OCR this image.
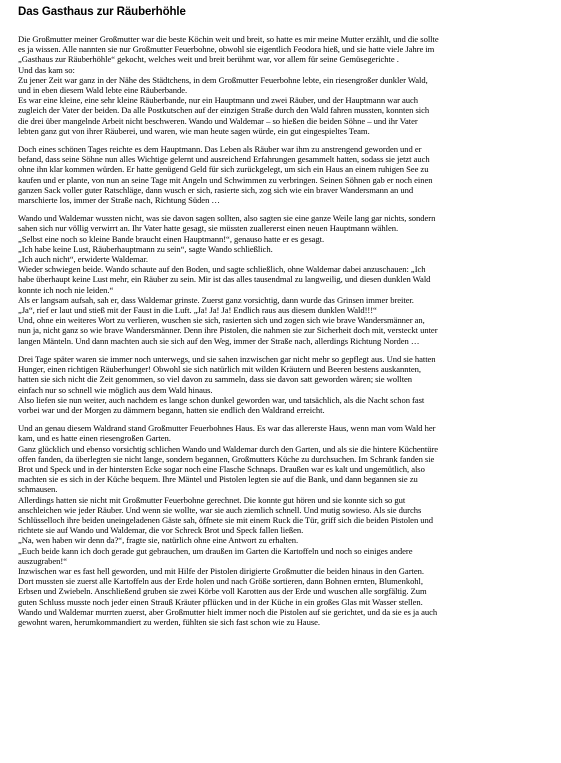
Das Gasthaus zur Räuberhöhle
Die Großmutter meiner Großmutter war die beste Köchin weit und breit, so hatte es mir meine Mutter erzählt, und die sollte
es ja wissen. Alle nannten sie nur Großmutter Feuerbohne, obwohl sie eigentlich Feodora hieß, und sie hatte viele Jahre im
„Gasthaus zur Räuberhöhle“ gekocht, welches weit und breit berühmt war, vor allem für seine Gemüsegerichte .
Und das kam so:
Zu jener Zeit war ganz in der Nähe des Städtchens, in dem Großmutter Feuerbohne lebte, ein riesengroßer dunkler Wald,
und in eben diesem Wald lebte eine Räuberbande.
Es war eine kleine, eine sehr kleine Räuberbande, nur ein Hauptmann und zwei Räuber, und der Hauptmann war auch
zugleich der Vater der beiden. Da alle Postkutschen auf der einzigen Straße durch den Wald fahren mussten, konnten sich
die drei über mangelnde Arbeit nicht beschweren. Wando und Waldemar – so hießen die beiden Söhne – und ihr Vater
lebten ganz gut von ihrer Räuberei, und waren, wie man heute sagen würde, ein gut eingespieltes Team.
Doch eines schönen Tages reichte es dem Hauptmann. Das Leben als Räuber war ihm zu anstrengend geworden und er
befand, dass seine Söhne nun alles Wichtige gelernt und ausreichend Erfahrungen gesammelt hatten, sodass sie jetzt auch
ohne ihn klar kommen würden. Er hatte genügend Geld für sich zurückgelegt, um sich ein Haus an einem ruhigen See zu
kaufen und er plante, von nun an seine Tage mit Angeln und Schwimmen zu verbringen. Seinen Söhnen gab er noch einen
ganzen Sack voller guter Ratschläge, dann wusch er sich, rasierte sich, zog sich wie ein braver Wandersmann an und
marschierte los, immer der Straße nach, Richtung Süden …
Wando und Waldemar wussten nicht, was sie davon sagen sollten, also sagten sie eine ganze Weile lang gar nichts, sondern
sahen sich nur völlig verwirrt an. Ihr Vater hatte gesagt, sie müssten zuallererst einen neuen Hauptmann wählen.
„Selbst eine noch so kleine Bande braucht einen Hauptmann!“, genauso hatte er es gesagt.
„Ich habe keine Lust, Räuberhauptmann zu sein“, sagte Wando schließlich.
„Ich auch nicht“, erwiderte Waldemar.
Wieder schwiegen beide. Wando schaute auf den Boden, und sagte schließlich, ohne Waldemar dabei anzuschauen: „Ich
habe überhaupt keine Lust mehr, ein Räuber zu sein. Mir ist das alles tausendmal zu langweilig, und diesen dunklen Wald
konnte ich noch nie leiden.“
Als er langsam aufsah, sah er, dass Waldemar grinste. Zuerst ganz vorsichtig, dann wurde das Grinsen immer breiter.
„Ja“, rief er laut und stieß mit der Faust in die Luft. „Ja! Ja! Ja! Endlich raus aus diesem dunklen Wald!!!“
Und, ohne ein weiteres Wort zu verlieren, wuschen sie sich, rasierten sich und zogen sich wie brave Wandersmänner an,
nun ja, nicht ganz so wie brave Wandersmänner. Denn ihre Pistolen, die nahmen sie zur Sicherheit doch mit, versteckt unter
langen Mänteln. Und dann machten auch sie sich auf den Weg, immer der Straße nach, allerdings Richtung Norden …
Drei Tage später waren sie immer noch unterwegs, und sie sahen inzwischen gar nicht mehr so gepflegt aus. Und sie hatten
Hunger, einen richtigen Räuberhunger! Obwohl sie sich natürlich mit wilden Kräutern und Beeren bestens auskannten,
hatten sie sich nicht die Zeit genommen, so viel davon zu sammeln, dass sie davon satt geworden wären; sie wollten
einfach nur so schnell wie möglich aus dem Wald hinaus.
Also liefen sie nun weiter, auch nachdem es lange schon dunkel geworden war, und tatsächlich, als die Nacht schon fast
vorbei war und der Morgen zu dämmern begann, hatten sie endlich den Waldrand erreicht.
Und an genau diesem Waldrand stand Großmutter Feuerbohnes Haus. Es war das allererste Haus, wenn man vom Wald her
kam, und es hatte einen riesengroßen Garten.
Ganz glücklich und ebenso vorsichtig schlichen Wando und Waldemar durch den Garten, und als sie die hintere Küchentüre
offen fanden, da überlegten sie nicht lange, sondern begannen, Großmutters Küche zu durchsuchen. Im Schrank fanden sie
Brot und Speck und in der hintersten Ecke sogar noch eine Flasche Schnaps. Draußen war es kalt und ungemütlich, also
machten sie es sich in der Küche bequem. Ihre Mäntel und Pistolen legten sie auf die Bank, und dann begannen sie zu
schmausen.
Allerdings hatten sie nicht mit Großmutter Feuerbohne gerechnet. Die konnte gut hören und sie konnte sich so gut
anschleichen wie jeder Räuber. Und wenn sie wollte, war sie auch ziemlich schnell. Und mutig sowieso. Als sie durchs
Schlüsselloch ihre beiden uneingeladenen Gäste sah, öffnete sie mit einem Ruck die Tür, griff sich die beiden Pistolen und
richtete sie auf Wando und Waldemar, die vor Schreck Brot und Speck fallen ließen.
„Na, wen haben wir denn da?“, fragte sie, natürlich ohne eine Antwort zu erhalten.
„Euch beide kann ich doch gerade gut gebrauchen, um draußen im Garten die Kartoffeln und noch so einiges andere
auszugraben!“
Inzwischen war es fast hell geworden, und mit Hilfe der Pistolen dirigierte Großmutter die beiden hinaus in den Garten.
Dort mussten sie zuerst alle Kartoffeln aus der Erde holen und nach Größe sortieren, dann Bohnen ernten, Blumenkohl,
Erbsen und Zwiebeln. Anschließend gruben sie zwei Körbe voll Karotten aus der Erde und wuschen alle sorgfältig. Zum
guten Schluss musste noch jeder einen Strauß Kräuter pflücken und in der Küche in ein großes Glas mit Wasser stellen.
Wando und Waldemar murrten zuerst, aber Großmutter hielt immer noch die Pistolen auf sie gerichtet, und da sie es ja auch
gewohnt waren, herumkommandiert zu werden, fühlten sie sich fast schon wie zu Hause.
